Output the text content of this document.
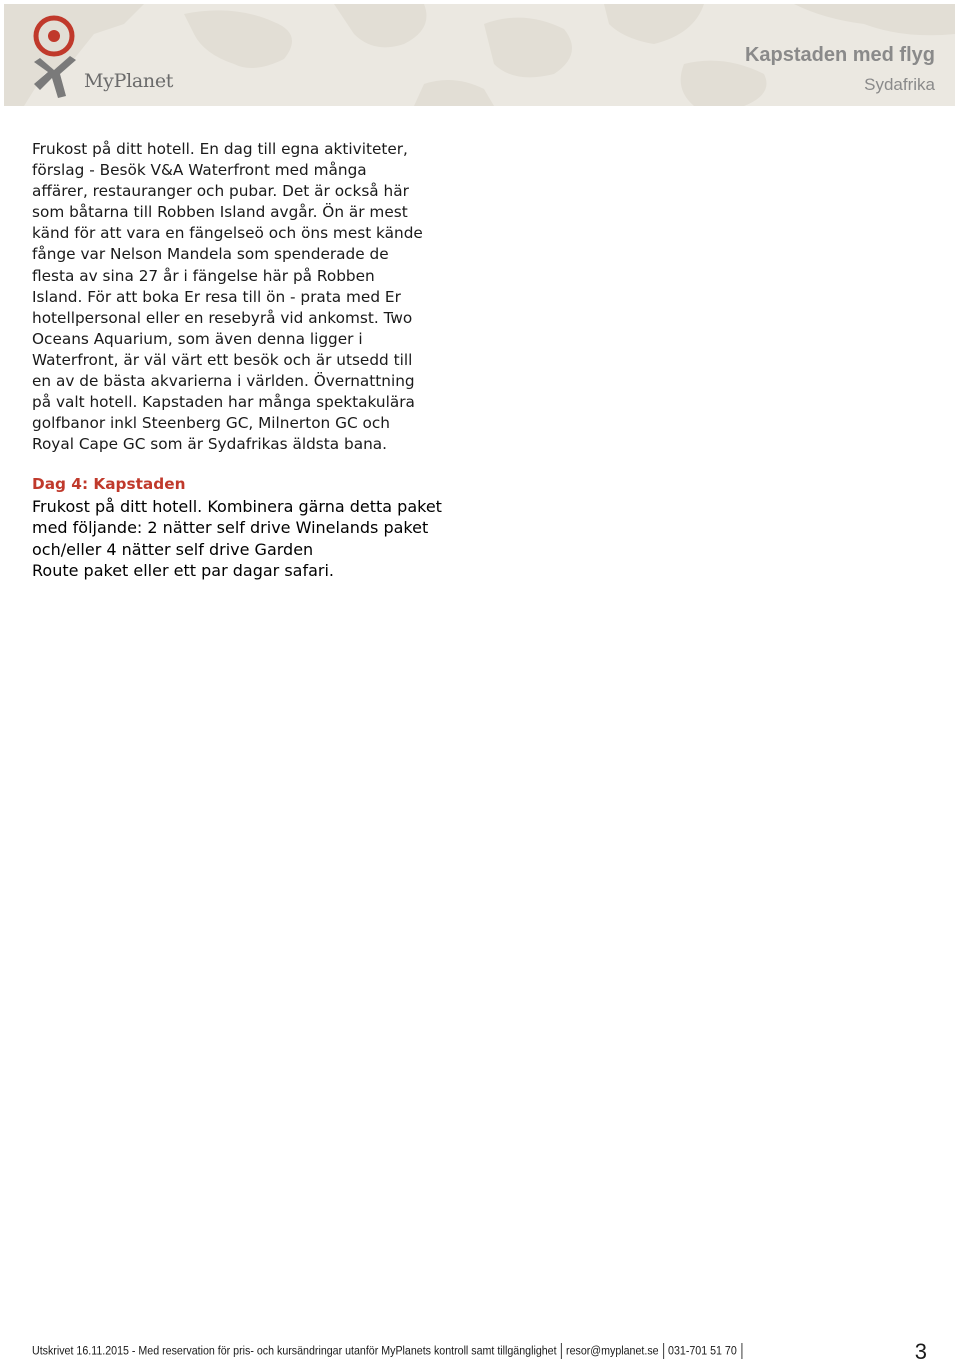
MyPlanet
Kapstaden med flyg
Sydafrika

Frukost på ditt hotell. En dag till egna aktiviteter,
förslag - Besök V&A Waterfront med många
affärer, restauranger och pubar. Det är också här
som båtarna till Robben Island avgår. Ön är mest
känd för att vara en fängelseö och öns mest kände
fånge var Nelson Mandela som spenderade de
flesta av sina 27 år i fängelse här på Robben
Island. För att boka Er resa till ön - prata med Er
hotellpersonal eller en resebyrå vid ankomst. Two
Oceans Aquarium, som även denna ligger i
Waterfront, är väl värt ett besök och är utsedd till
en av de bästa akvarierna i världen. Övernattning
på valt hotell. Kapstaden har många spektakulära
golfbanor inkl Steenberg GC, Milnerton GC och
Royal Cape GC som är Sydafrikas äldsta bana.

Dag 4: Kapstaden
Frukost på ditt hotell. Kombinera gärna detta paket
med följande: 2 nätter self drive Winelands paket
och/eller 4 nätter self drive Garden
Route paket eller ett par dagar safari.
Utskrivet 16.11.2015 - Med reservation för pris- och kursändringar utanför MyPlanets kontroll samt tillgänglighet resor@myplanet.se 031-701 51 70	3
